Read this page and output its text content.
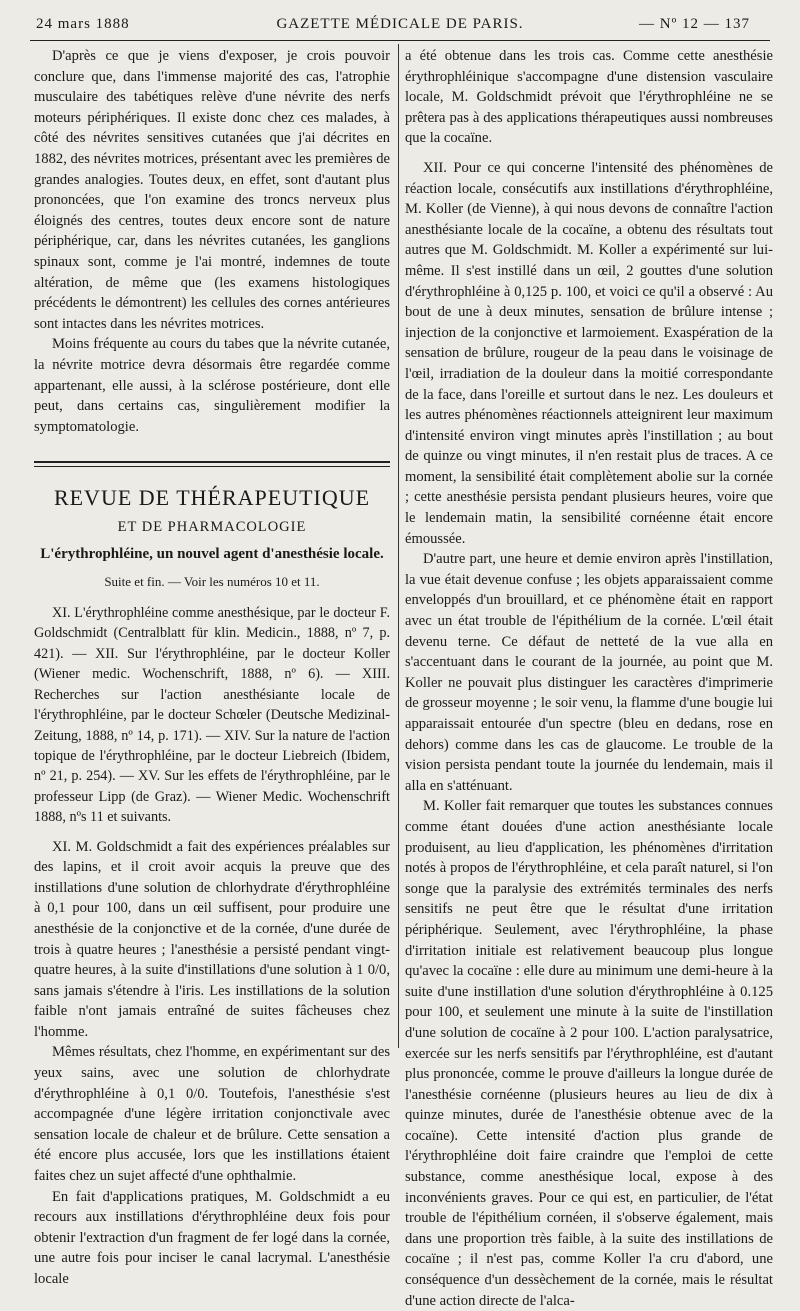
24 mars 1888	GAZETTE MÉDICALE DE PARIS.	— Nº 12 — 137

D'après ce que je viens d'exposer, je crois pouvoir conclure que, dans l'immense majorité des cas, l'atrophie musculaire des tabétiques relève d'une névrite des nerfs moteurs périphériques. Il existe donc chez ces malades, à côté des névrites sensitives cutanées que j'ai décrites en 1882, des névrites motrices, présentant avec les premières de grandes analogies. Toutes deux, en effet, sont d'autant plus prononcées, que l'on examine des troncs nerveux plus éloignés des centres, toutes deux encore sont de nature périphérique, car, dans les névrites cutanées, les ganglions spinaux sont, comme je l'ai montré, indemnes de toute altération, de même que (les examens histologiques précédents le démontrent) les cellules des cornes antérieures sont intactes dans les névrites motrices.

Moins fréquente au cours du tabes que la névrite cutanée, la névrite motrice devra désormais être regardée comme appartenant, elle aussi, à la sclérose postérieure, dont elle peut, dans certains cas, singulièrement modifier la symptomatologie.

REVUE DE THÉRAPEUTIQUE
ET DE PHARMACOLOGIE
L'érythrophléine, un nouvel agent d'anesthésie locale.
Suite et fin. — Voir les numéros 10 et 11.

XI. L'érythrophléine comme anesthésique, par le docteur F. Goldschmidt (Centralblatt für klin. Medicin., 1888, nº 7, p. 421). — XII. Sur l'érythrophléine, par le docteur Koller (Wiener medic. Wochenschrift, 1888, nº 6). — XIII. Recherches sur l'action anesthésiante locale de l'érythrophléine, par le docteur Schœler (Deutsche Medizinal-Zeitung, 1888, nº 14, p. 171). — XIV. Sur la nature de l'action topique de l'érythrophléine, par le docteur Liebreich (Ibidem, nº 21, p. 254). — XV. Sur les effets de l'érythrophléine, par le professeur Lipp (de Graz). — Wiener Medic. Wochenschrift 1888, nºs 11 et suivants.

XI. M. Goldschmidt a fait des expériences préalables sur des lapins, et il croit avoir acquis la preuve que des instillations d'une solution de chlorhydrate d'érythrophléine à 0,1 pour 100, dans un œil suffisent, pour produire une anesthésie de la conjonctive et de la cornée, d'une durée de trois à quatre heures ; l'anesthésie a persisté pendant vingt-quatre heures, à la suite d'instillations d'une solution à 1 0/0, sans jamais s'étendre à l'iris. Les instillations de la solution faible n'ont jamais entraîné de suites fâcheuses chez l'homme.

Mêmes résultats, chez l'homme, en expérimentant sur des yeux sains, avec une solution de chlorhydrate d'érythrophléine à 0,1 0/0. Toutefois, l'anesthésie s'est accompagnée d'une légère irritation conjonctivale avec sensation locale de chaleur et de brûlure. Cette sensation a été encore plus accusée, lors que les instillations étaient faites chez un sujet affecté d'une ophthalmie.

En fait d'applications pratiques, M. Goldschmidt a eu recours aux instillations d'érythrophléine deux fois pour obtenir l'extraction d'un fragment de fer logé dans la cornée, une autre fois pour inciser le canal lacrymal. L'anesthésie locale

a été obtenue dans les trois cas. Comme cette anesthésie érythrophléinique s'accompagne d'une distension vasculaire locale, M. Goldschmidt prévoit que l'érythrophléine ne se prêtera pas à des applications thérapeutiques aussi nombreuses que la cocaïne.

XII. Pour ce qui concerne l'intensité des phénomènes de réaction locale, consécutifs aux instillations d'érythrophléine, M. Koller (de Vienne), à qui nous devons de connaître l'action anesthésiante locale de la cocaïne, a obtenu des résultats tout autres que M. Goldschmidt. M. Koller a expérimenté sur lui-même. Il s'est instillé dans un œil, 2 gouttes d'une solution d'érythrophléine à 0,125 p. 100, et voici ce qu'il a observé : Au bout de une à deux minutes, sensation de brûlure intense ; injection de la conjonctive et larmoiement. Exaspération de la sensation de brûlure, rougeur de la peau dans le voisinage de l'œil, irradiation de la douleur dans la moitié correspondante de la face, dans l'oreille et surtout dans le nez. Les douleurs et les autres phénomènes réactionnels atteignirent leur maximum d'intensité environ vingt minutes après l'instillation ; au bout de quinze ou vingt minutes, il n'en restait plus de traces. A ce moment, la sensibilité était complètement abolie sur la cornée ; cette anesthésie persista pendant plusieurs heures, voire que le lendemain matin, la sensibilité cornéenne était encore émoussée.

D'autre part, une heure et demie environ après l'instillation, la vue était devenue confuse ; les objets apparaissaient comme enveloppés d'un brouillard, et ce phénomène était en rapport avec un état trouble de l'épithélium de la cornée. L'œil était devenu terne. Ce défaut de netteté de la vue alla en s'accentuant dans le courant de la journée, au point que M. Koller ne pouvait plus distinguer les caractères d'imprimerie de grosseur moyenne ; le soir venu, la flamme d'une bougie lui apparaissait entourée d'un spectre (bleu en dedans, rose en dehors) comme dans les cas de glaucome. Le trouble de la vision persista pendant toute la journée du lendemain, mais il alla en s'atténuant.

M. Koller fait remarquer que toutes les substances connues comme étant douées d'une action anesthésiante locale produisent, au lieu d'application, les phénomènes d'irritation notés à propos de l'érythrophléine, et cela paraît naturel, si l'on songe que la paralysie des extrémités terminales des nerfs sensitifs ne peut être que le résultat d'une irritation périphérique. Seulement, avec l'érythrophléine, la phase d'irritation initiale est relativement beaucoup plus longue qu'avec la cocaïne : elle dure au minimum une demi-heure à la suite d'une instillation d'une solution d'érythrophléine à 0.125 pour 100, et seulement une minute à la suite de l'instillation d'une solution de cocaïne à 2 pour 100. L'action paralysatrice, exercée sur les nerfs sensitifs par l'érythrophléine, est d'autant plus prononcée, comme le prouve d'ailleurs la longue durée de l'anesthésie cornéenne (plusieurs heures au lieu de dix à quinze minutes, durée de l'anesthésie obtenue avec de la cocaïne). Cette intensité d'action plus grande de l'érythrophléine doit faire craindre que l'emploi de cette substance, comme anesthésique local, expose à des inconvénients graves. Pour ce qui est, en particulier, de l'état trouble de l'épithélium cornéen, il s'observe également, mais dans une proportion très faible, à la suite des instillations de cocaïne ; il n'est pas, comme Koller l'a cru d'abord, une conséquence d'un dessèchement de la cornée, mais le résultat d'une action directe de l'alca-
